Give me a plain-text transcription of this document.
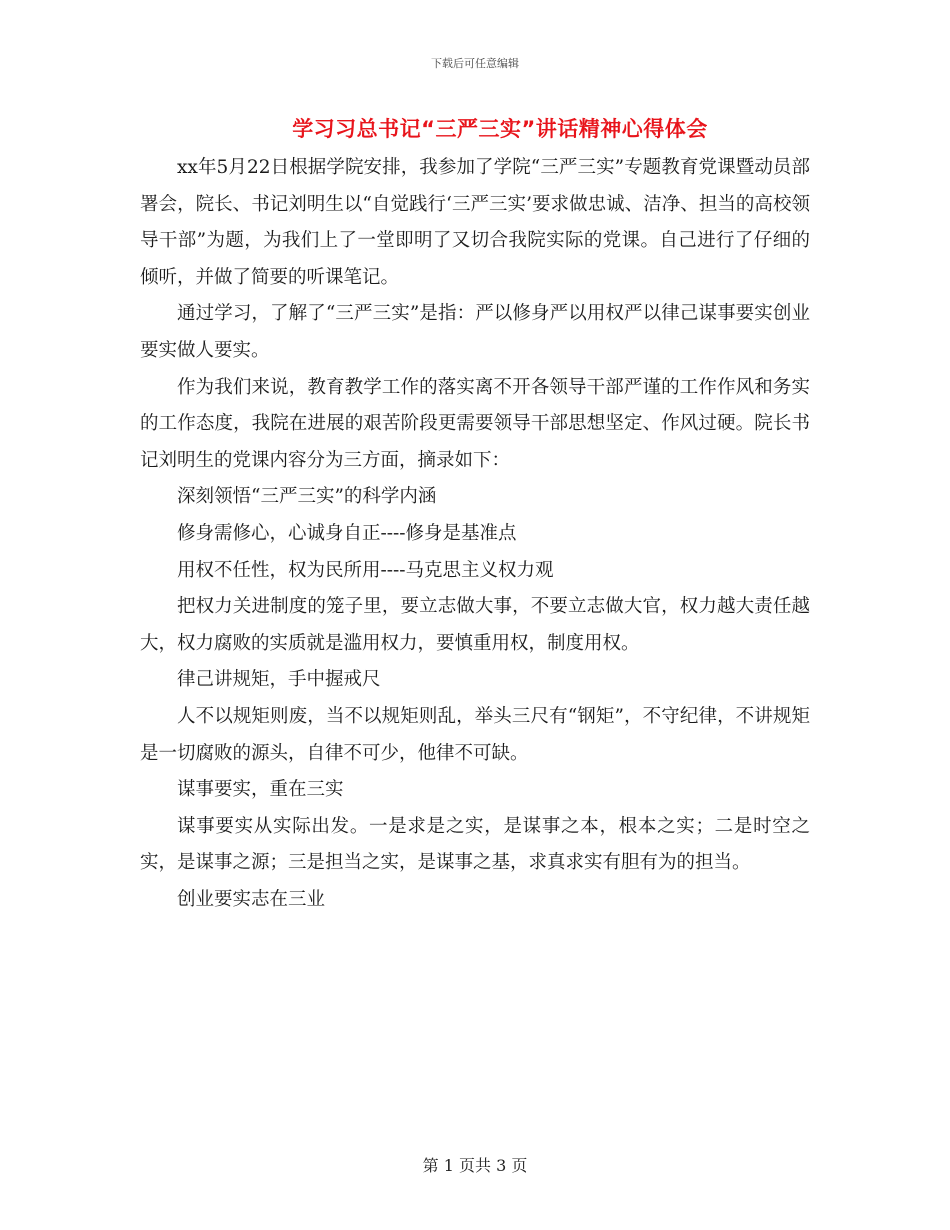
下载后可任意编辑
学习习总书记“三严三实”讲话精神心得体会

xx年5月22日根据学院安排，我参加了学院“三严三实”专题教育党课暨动员部署会，院长、书记刘明生以“自觉践行‘三严三实’要求做忠诚、洁净、担当的高校领导干部”为题，为我们上了一堂即明了又切合我院实际的党课。自己进行了仔细的倾听，并做了简要的听课笔记。

通过学习，了解了“三严三实”是指：严以修身严以用权严以律己谋事要实创业要实做人要实。

作为我们来说，教育教学工作的落实离不开各领导干部严谨的工作作风和务实的工作态度，我院在进展的艰苦阶段更需要领导干部思想坚定、作风过硬。院长书记刘明生的党课内容分为三方面，摘录如下：

深刻领悟“三严三实”的科学内涵

修身需修心，心诚身自正----修身是基准点

用权不任性，权为民所用----马克思主义权力观

把权力关进制度的笼子里，要立志做大事，不要立志做大官，权力越大责任越大，权力腐败的实质就是滥用权力，要慎重用权，制度用权。

律己讲规矩，手中握戒尺

人不以规矩则废，当不以规矩则乱，举头三尺有“钢矩”，不守纪律，不讲规矩是一切腐败的源头，自律不可少，他律不可缺。

谋事要实，重在三实

谋事要实从实际出发。一是求是之实，是谋事之本，根本之实；二是时空之实，是谋事之源；三是担当之实，是谋事之基，求真求实有胆有为的担当。

创业要实志在三业

第 1 页共 3 页
